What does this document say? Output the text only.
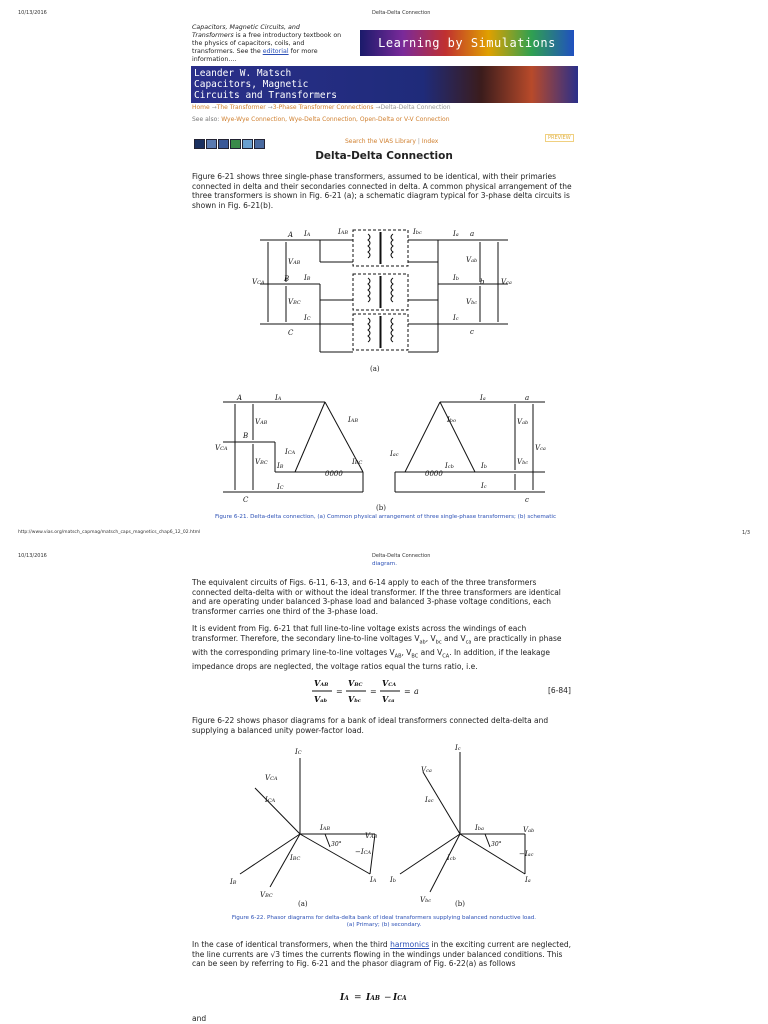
10/13/2016	Delta-Delta Connection
Capacitors, Magnetic Circuits, and Transformers is a free introductory textbook on the physics of capacitors, coils, and transformers. See the editorial for more information....
Learning by Simulations
Leander W. Matsch
Capacitors, Magnetic
Circuits and Transformers
Home →The Transformer →3-Phase Transformer Connections →Delta-Delta Connection
See also: Wye-Wye Connection, Wye-Delta Connection, Open-Delta or V-V Connection
Search the VIAS Library | Index	PREVIEW
Delta-Delta Connection
Figure 6-21 shows three single-phase transformers, assumed to be identical, with their primaries connected in delta and their secondaries connected in delta. A common physical arrangement of the three transformers is shown in Fig. 6-21 (a); a schematic diagram typical for 3-phase delta circuits is shown in Fig. 6-21(b).
A IA	IAB
B IB
C
IC
VCA
VAB
VBC
Ibc	Ia a
Ib	b
Ic
c
Vab
Vbc
Vca
(a)
A	IA
B
C
VCA
VAB
VBC
IAB
ICA
IBC
IB
IC
0000
Ia	a
Ibo
Iac
Icb	Ib
Ic
Vab
Vbc
Vca
c
0000
(b)
Figure 6-21. Delta-delta connection, (a) Common physical arrangement of three single-phase transformers; (b) schematic
http://www.vias.org/matsch_capmag/matsch_caps_magnetics_chap6_12_02.html	1/3
10/13/2016	Delta-Delta Connection
diagram.
The equivalent circuits of Figs. 6-11, 6-13, and 6-14 apply to each of the three transformers connected delta-delta with or without the ideal transformer. If the three transformers are identical and are operating under balanced 3-phase load and balanced 3-phase voltage conditions, each transformer carries one third of the 3-phase load.
It is evident from Fig. 6-21 that full line-to-line voltage exists across the windings of each transformer. Therefore, the secondary line-to-line voltages $V_{ab}$, $V_{bc}$ and $V_{ca}$ are practically in phase with the corresponding primary line-to-line voltages $V_{AB}$, $V_{BC}$ and $V_{CA}$. In addition, if the leakage impedance drops are neglected, the voltage ratios equal the turns ratio, i.e.
VAB
Vab
=
VBC
Vbc
=
VCA
Vca
= a	[6-84]
Figure 6-22 shows phasor diagrams for a bank of ideal transformers connected delta-delta and supplying a balanced unity power-factor load.
IC
VCA
ICA
IAB
VAB
30°
−ICA
IBC
IA
IB
VBC
Ic
Vca
Iac
Iba	Vab
30°
−Iac
Icb
Ia
Ib
Vbc
(a)	(b)
Figure 6-22. Phasor diagrams for delta-delta bank of ideal transformers supplying balanced nonductive load.
(a) Primary; (b) secondary.
In the case of identical transformers, when the third harmonics in the exciting current are neglected, the line currents are √3 times the currents flowing in the windings under balanced conditions. This can be seen by referring to Fig. 6-21 and the phasor diagram of Fig. 6-22(a) as follows
IA = IAB − ICA
and
